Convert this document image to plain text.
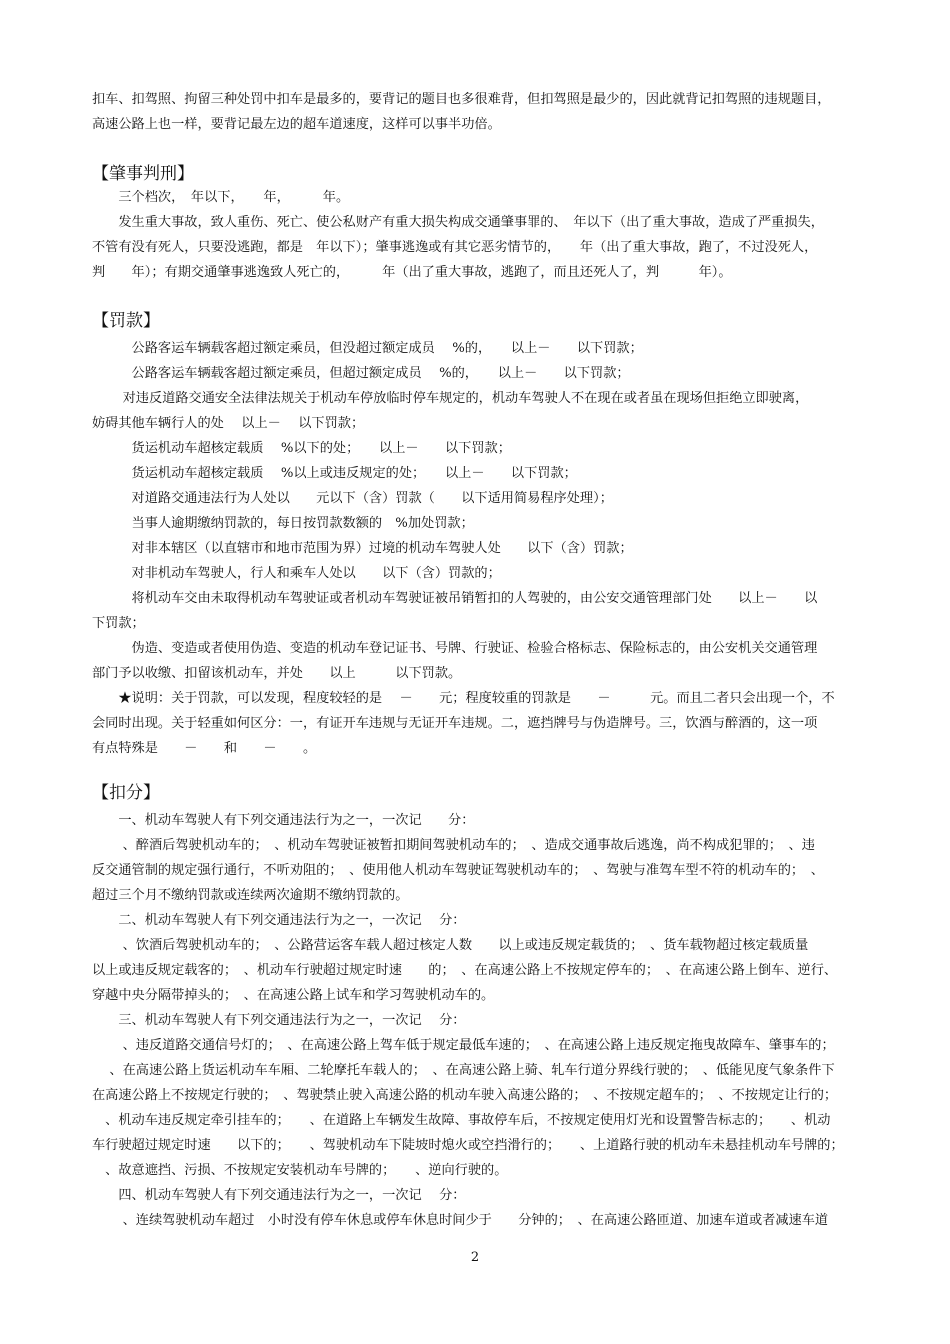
扣车、扣驾照、拘留三种处罚中扣车是最多的，要背记的题目也多很难背，但扣驾照是最少的，因此就背记扣驾照的违规题目，
高速公路上也一样，要背记最左边的超车道速度，这样可以事半功倍。
【肇事判刑】
　　三个档次，　年以下，　　年，　　　年。
　　发生重大事故，致人重伤、死亡、使公私财产有重大损失构成交通肇事罪的、　年以下（出了重大事故，造成了严重损失，
不管有没有死人，只要没逃跑，都是　年以下）；肇事逃逸或有其它恶劣情节的，　　年（出了重大事故，跑了，不过没死人，
判　　年）；有期交通肇事逃逸致人死亡的，　　　年（出了重大事故，逃跑了，而且还死人了，判　　　年）。
【罚款】
　　　公路客运车辆载客超过额定乘员，但没超过额定成员　 %的，　　以上－　　以下罚款；
　　　公路客运车辆载客超过额定乘员，但超过额定成员　 %的，　　以上－　　以下罚款；
　　 对违反道路交通安全法律法规关于机动车停放临时停车规定的，机动车驾驶人不在现在或者虽在现场但拒绝立即驶离，
妨碍其他车辆行人的处　 以上－　 以下罚款；
　　　货运机动车超核定载质　 %以下的处；　　以上－　　以下罚款；
　　　货运机动车超核定载质　 %以上或违反规定的处；　　以上－　　以下罚款；
　　　对道路交通违法行为人处以　　元以下（含）罚款（　　以下适用简易程序处理）；
　　　当事人逾期缴纳罚款的，每日按罚款数额的　%加处罚款；
　　　对非本辖区（以直辖市和地市范围为界）过境的机动车驾驶人处　　以下（含）罚款；
　　　对非机动车驾驶人，行人和乘车人处以　　以下（含）罚款的；
　　　将机动车交由未取得机动车驾驶证或者机动车驾驶证被吊销暂扣的人驾驶的，由公安交通管理部门处　　以上－　　以
下罚款；
　　　伪造、变造或者使用伪造、变造的机动车登记证书、号牌、行驶证、检验合格标志、保险标志的，由公安机关交通管理
部门予以收缴、扣留该机动车，并处　　以上　　　以下罚款。
　　★说明：关于罚款，可以发现，程度较轻的是　 －　　元；程度较重的罚款是　　－　　　元。而且二者只会出现一个，不
会同时出现。关于轻重如何区分：一，有证开车违规与无证开车违规。二，遮挡牌号与伪造牌号。三，饮酒与醉酒的，这一项
有点特殊是　　－　　和　　－　　。
【扣分】
　　一、机动车驾驶人有下列交通违法行为之一，一次记　　分：
　　 、醉酒后驾驶机动车的；　、机动车驾驶证被暂扣期间驾驶机动车的；　、造成交通事故后逃逸，尚不构成犯罪的；　、违
反交通管制的规定强行通行，不听劝阻的；　、使用他人机动车驾驶证驾驶机动车的；　、驾驶与准驾车型不符的机动车的；　、
超过三个月不缴纳罚款或连续两次逾期不缴纳罚款的。
　　二、机动车驾驶人有下列交通违法行为之一，一次记　 分：
　　 、饮酒后驾驶机动车的；　、公路营运客车载人超过核定人数　　以上或违反规定载货的；　、货车载物超过核定载质量
以上或违反规定载客的；　、机动车行驶超过规定时速　　的；　、在高速公路上不按规定停车的；　、在高速公路上倒车、逆行、
穿越中央分隔带掉头的；　、在高速公路上试车和学习驾驶机动车的。
　　三、机动车驾驶人有下列交通违法行为之一，一次记　 分：
　　 、违反道路交通信号灯的；　、在高速公路上驾车低于规定最低车速的；　、在高速公路上违反规定拖曳故障车、肇事车的；
　 、在高速公路上货运机动车车厢、二轮摩托车载人的；　、在高速公路上骑、轧车行道分界线行驶的；　、低能见度气象条件下
在高速公路上不按规定行驶的；　、驾驶禁止驶入高速公路的机动车驶入高速公路的；　、不按规定超车的；　、不按规定让行的；
　、机动车违反规定牵引挂车的；　　、在道路上车辆发生故障、事故停车后，不按规定使用灯光和设置警告标志的；　　、机动
车行驶超过规定时速　　以下的；　　、驾驶机动车下陡坡时熄火或空挡滑行的；　　、上道路行驶的机动车未悬挂机动车号牌的；
　、故意遮挡、污损、不按规定安装机动车号牌的；　　、逆向行驶的。
　　四、机动车驾驶人有下列交通违法行为之一，一次记　 分：
　　 、连续驾驶机动车超过　小时没有停车休息或停车休息时间少于　　分钟的；　、在高速公路匝道、加速车道或者减速车道
2
